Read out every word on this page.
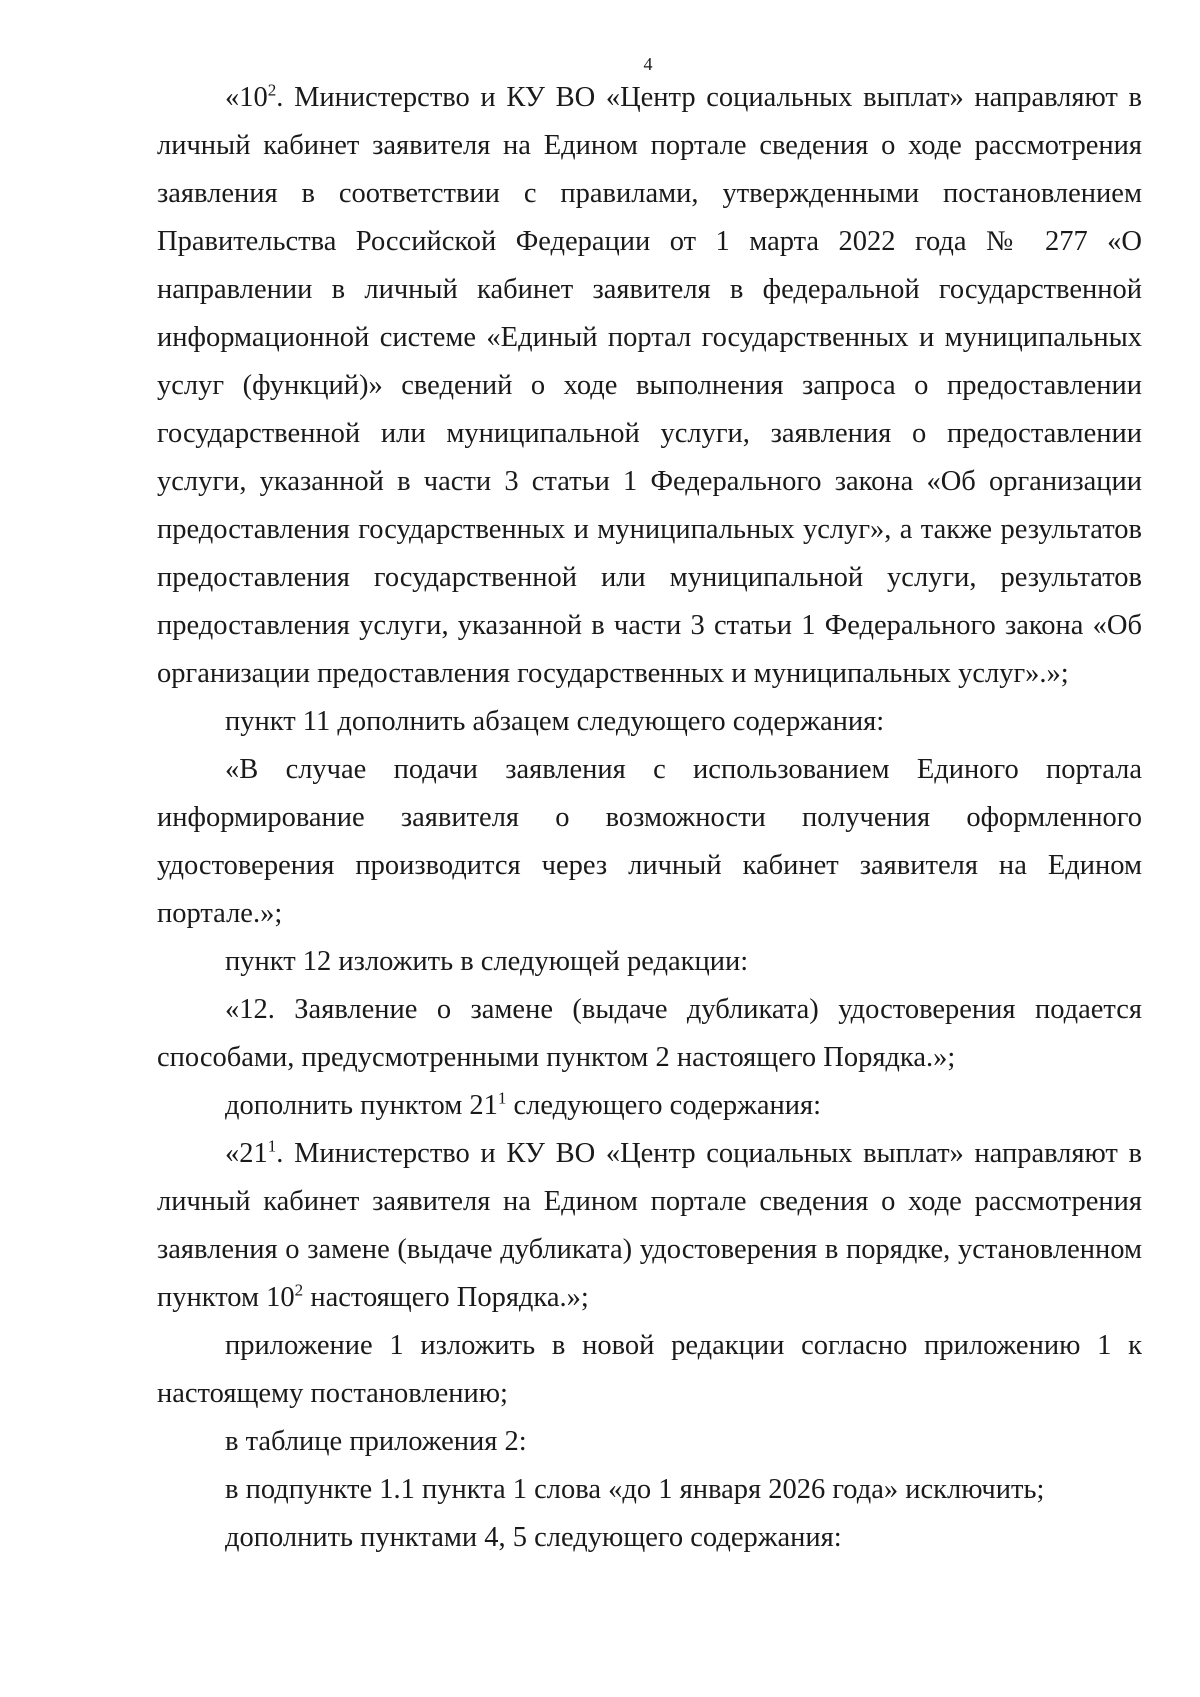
4

«$10^2$. Министерство и КУ ВО «Центр социальных выплат» направляют в личный кабинет заявителя на Едином портале сведения о ходе рассмотрения заявления в соответствии с правилами, утвержденными постановлением Правительства Российской Федерации от 1 марта 2022 года № 277 «О направлении в личный кабинет заявителя в федеральной государственной информационной системе «Единый портал государственных и муниципальных услуг (функций)» сведений о ходе выполнения запроса о предоставлении государственной или муниципальной услуги, заявления о предоставлении услуги, указанной в части 3 статьи 1 Федерального закона «Об организации предоставления государственных и муниципальных услуг», а также результатов предоставления государственной или муниципальной услуги, результатов предоставления услуги, указанной в части 3 статьи 1 Федерального закона «Об организации предоставления государственных и муниципальных услуг».»;

пункт 11 дополнить абзацем следующего содержания:

«В случае подачи заявления с использованием Единого портала информирование заявителя о возможности получения оформленного удостоверения производится через личный кабинет заявителя на Едином портале.»;

пункт 12 изложить в следующей редакции:

«12. Заявление о замене (выдаче дубликата) удостоверения подается способами, предусмотренными пунктом 2 настоящего Порядка.»;

дополнить пунктом $21^1$ следующего содержания:

«$21^1$. Министерство и КУ ВО «Центр социальных выплат» направляют в личный кабинет заявителя на Едином портале сведения о ходе рассмотрения заявления о замене (выдаче дубликата) удостоверения в порядке, установленном пунктом $10^2$ настоящего Порядка.»;

приложение 1 изложить в новой редакции согласно приложению 1 к настоящему постановлению;

в таблице приложения 2:

в подпункте 1.1 пункта 1 слова «до 1 января 2026 года» исключить;

дополнить пунктами 4, 5 следующего содержания:
